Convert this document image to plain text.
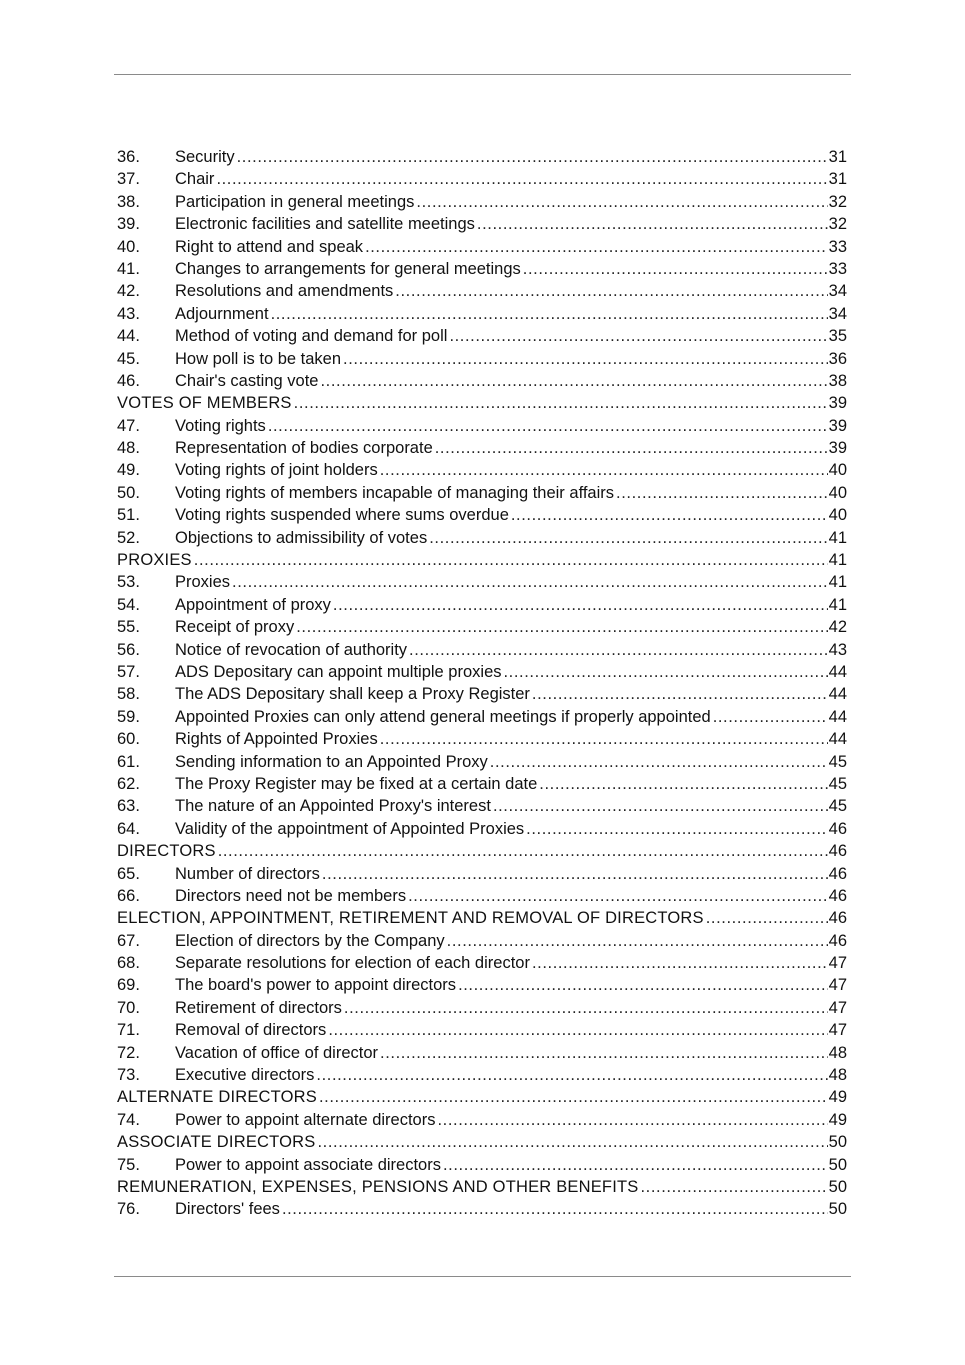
36.	Security .....	31
37.	Chair .....	31
38.	Participation in general meetings .....	32
39.	Electronic facilities and satellite meetings .....	32
40.	Right to attend and speak .....	33
41.	Changes to arrangements for general meetings .....	33
42.	Resolutions and amendments .....	34
43.	Adjournment .....	34
44.	Method of voting and demand for poll .....	35
45.	How poll is to be taken .....	36
46.	Chair's casting vote .....	38
VOTES OF MEMBERS .....	39
47.	Voting rights .....	39
48.	Representation of bodies corporate .....	39
49.	Voting rights of joint holders .....	40
50.	Voting rights of members incapable of managing their affairs .....	40
51.	Voting rights suspended where sums overdue .....	40
52.	Objections to admissibility of votes .....	41
PROXIES .....	41
53.	Proxies .....	41
54.	Appointment of proxy .....	41
55.	Receipt of proxy .....	42
56.	Notice of revocation of authority .....	43
57.	ADS Depositary can appoint multiple proxies .....	44
58.	The ADS Depositary shall keep a Proxy Register .....	44
59.	Appointed Proxies can only attend general meetings if properly appointed .....	44
60.	Rights of Appointed Proxies .....	44
61.	Sending information to an Appointed Proxy .....	45
62.	The Proxy Register may be fixed at a certain date .....	45
63.	The nature of an Appointed Proxy's interest .....	45
64.	Validity of the appointment of Appointed Proxies .....	46
DIRECTORS .....	46
65.	Number of directors .....	46
66.	Directors need not be members .....	46
ELECTION, APPOINTMENT, RETIREMENT AND REMOVAL OF DIRECTORS .....	46
67.	Election of directors by the Company .....	46
68.	Separate resolutions for election of each director .....	47
69.	The board's power to appoint directors .....	47
70.	Retirement of directors .....	47
71.	Removal of directors .....	47
72.	Vacation of office of director .....	48
73.	Executive directors .....	48
ALTERNATE DIRECTORS .....	49
74.	Power to appoint alternate directors .....	49
ASSOCIATE DIRECTORS .....	50
75.	Power to appoint associate directors .....	50
REMUNERATION, EXPENSES, PENSIONS AND OTHER BENEFITS .....	50
76.	Directors' fees .....	50
